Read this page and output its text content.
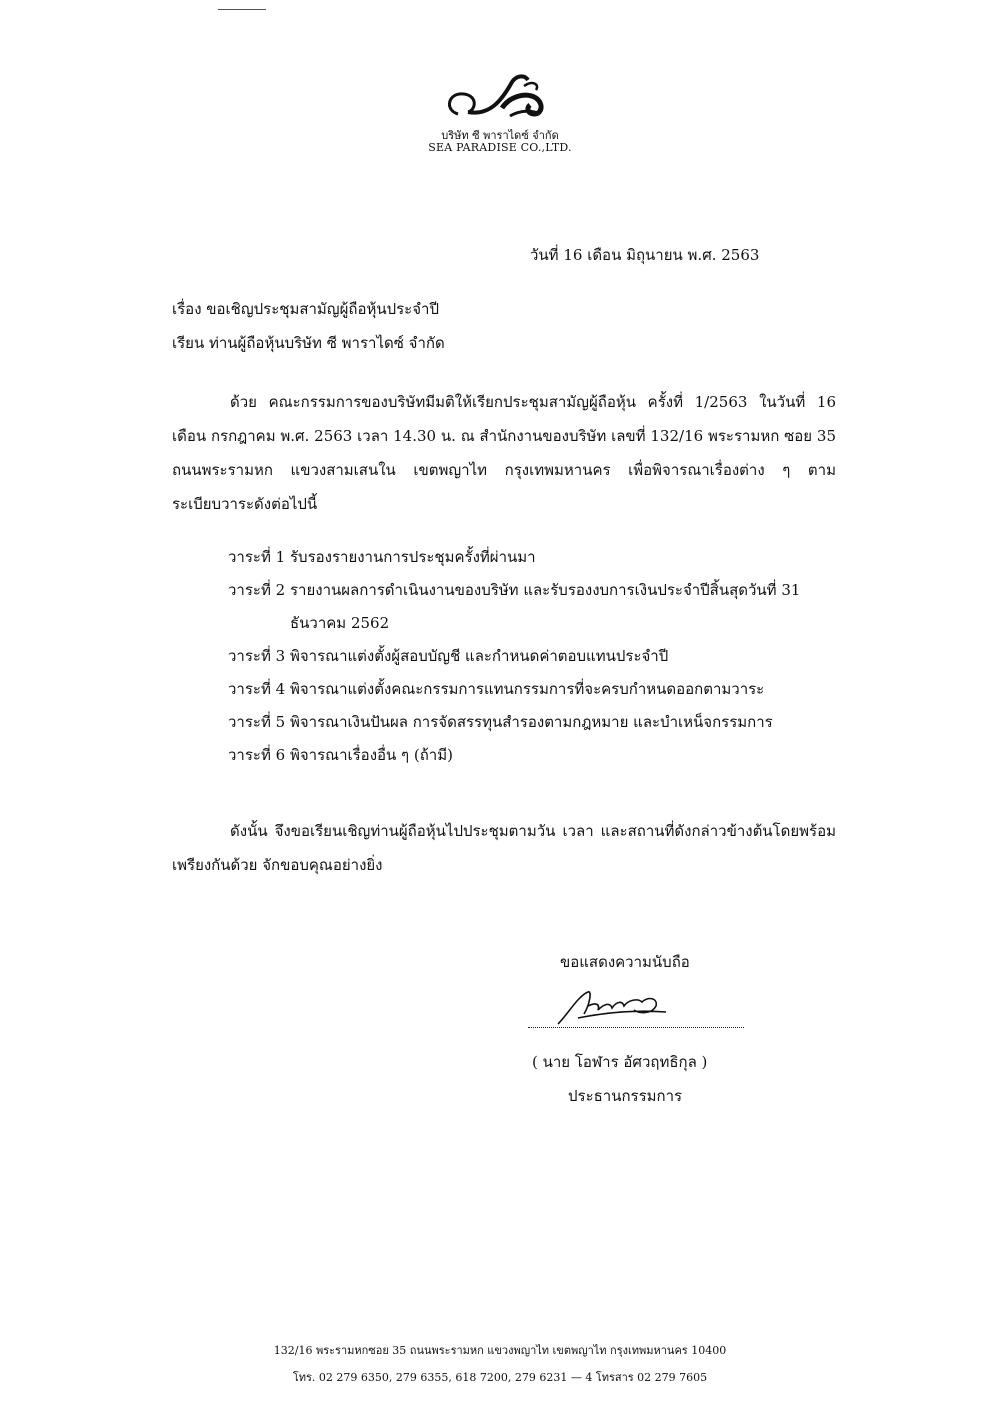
บริษัท ซี พาราไดซ์ จำกัด
SEA PARADISE CO.,LTD.
วันที่ 16 เดือน มิถุนายน พ.ศ. 2563
เรื่อง ขอเชิญประชุมสามัญผู้ถือหุ้นประจำปี
เรียน ท่านผู้ถือหุ้นบริษัท ซี พาราไดซ์ จำกัด
ด้วย คณะกรรมการของบริษัทมีมติให้เรียกประชุมสามัญผู้ถือหุ้น ครั้งที่ 1/2563 ในวันที่ 16 เดือน กรกฎาคม พ.ศ. 2563 เวลา 14.30 น. ณ สำนักงานของบริษัท เลขที่ 132/16 พระรามหก ซอย 35 ถนนพระรามหก แขวงสามเสนใน เขตพญาไท กรุงเทพมหานคร เพื่อพิจารณาเรื่องต่าง ๆ ตามระเบียบวาระดังต่อไปนี้
วาระที่ 1 รับรองรายงานการประชุมครั้งที่ผ่านมา
วาระที่ 2 รายงานผลการดำเนินงานของบริษัท และรับรองงบการเงินประจำปีสิ้นสุดวันที่ 31 ธันวาคม 2562
วาระที่ 3 พิจารณาแต่งตั้งผู้สอบบัญชี และกำหนดค่าตอบแทนประจำปี
วาระที่ 4 พิจารณาแต่งตั้งคณะกรรมการแทนกรรมการที่จะครบกำหนดออกตามวาระ
วาระที่ 5 พิจารณาเงินปันผล การจัดสรรทุนสำรองตามกฎหมาย และบำเหน็จกรรมการ
วาระที่ 6 พิจารณาเรื่องอื่น ๆ (ถ้ามี)
ดังนั้น จึงขอเรียนเชิญท่านผู้ถือหุ้นไปประชุมตามวัน เวลา และสถานที่ดังกล่าวข้างต้นโดยพร้อมเพรียงกันด้วย จักขอบคุณอย่างยิ่ง
ขอแสดงความนับถือ
( นาย โอฬาร อัศวฤทธิกุล )
ประธานกรรมการ
132/16 พระรามหกซอย 35 ถนนพระรามหก แขวงพญาไท เขตพญาไท กรุงเทพมหานคร 10400
โทร. 02 279 6350, 279 6355, 618 7200, 279 6231 — 4 โทรสาร 02 279 7605
